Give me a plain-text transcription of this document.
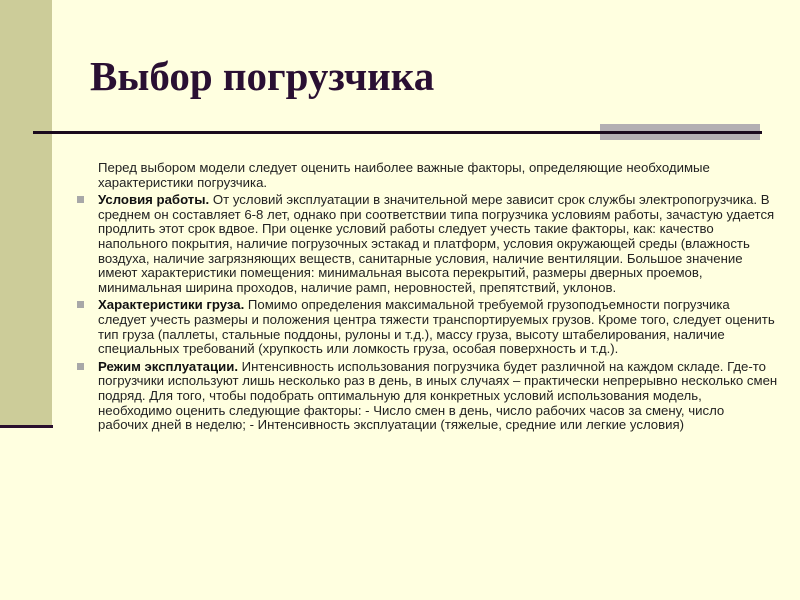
Выбор погрузчика

Перед выбором модели следует оценить наиболее важные факторы, определяющие необходимые характеристики погрузчика.

Условия работы. От условий эксплуатации в значительной мере зависит срок службы электропогрузчика. В среднем он составляет 6-8 лет, однако при соответствии типа погрузчика условиям работы, зачастую удается продлить этот срок вдвое. При оценке условий работы следует учесть такие факторы, как: качество напольного покрытия, наличие погрузочных эстакад и платформ, условия окружающей среды (влажность воздуха, наличие загрязняющих веществ, санитарные условия, наличие вентиляции. Большое значение имеют характеристики помещения: минимальная высота перекрытий, размеры дверных проемов, минимальная ширина проходов, наличие рамп, неровностей, препятствий, уклонов.

Характеристики груза. Помимо определения максимальной требуемой грузоподъемности погрузчика следует учесть размеры и положения центра тяжести транспортируемых грузов. Кроме того, следует оценить тип груза (паллеты, стальные поддоны, рулоны и т.д.), массу груза, высоту штабелирования, наличие специальных требований (хрупкость или ломкость груза, особая поверхность и т.д.).

Режим эксплуатации. Интенсивность использования погрузчика будет различной на каждом складе. Где-то погрузчики используют лишь несколько раз в день, в иных случаях – практически непрерывно несколько смен подряд. Для того, чтобы подобрать оптимальную для конкретных условий использования модель, необходимо оценить следующие факторы: - Число смен в день, число рабочих часов за смену, число рабочих дней в неделю; - Интенсивность эксплуатации (тяжелые, средние или легкие условия)
